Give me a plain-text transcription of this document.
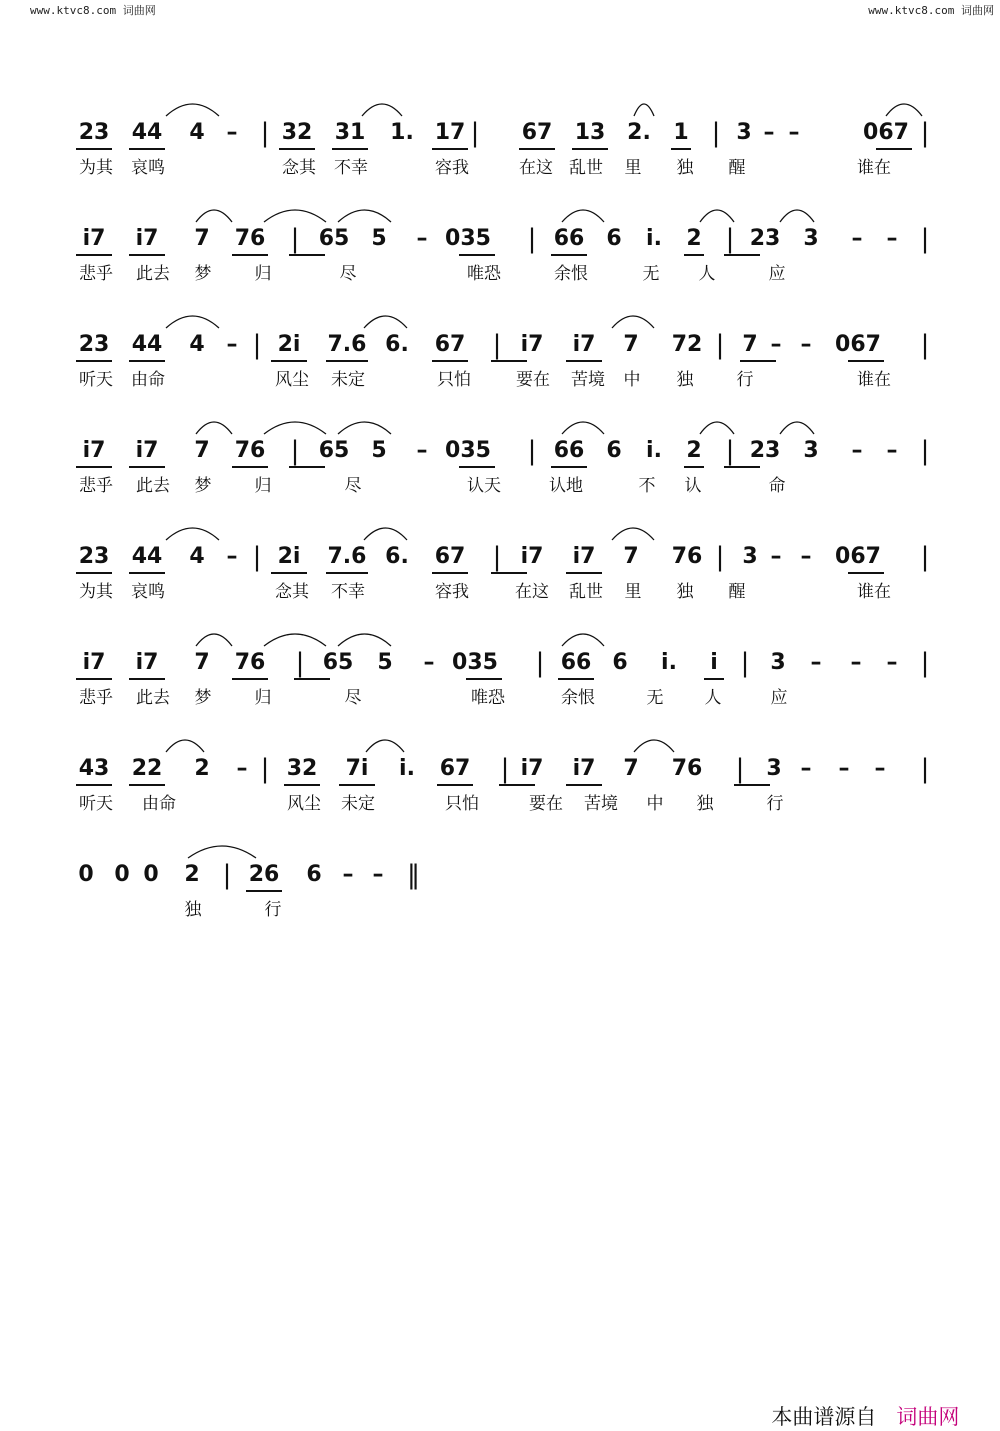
www.ktvc8.com 词曲网	www.ktvc8.com 词曲网
23 44 4 – | 32 31 1. 17 | 67 13 2. 1 | 3 – –	067 |
为其 哀鸣	念其 不幸	容我	在这 乱世 里 独 醒	谁在
i7 i7 7 76 | 65 5 – 035 | 66 6	i.	2 | 23 3 – – |
悲乎 此去 梦	归	尽	唯恐	余恨	无 人	应
23 44 4 – | 2i 7.6 6. 67 | i7 i7 7 72 | 7 – – 067 |
听天 由命	风尘 未定	只怕	要在 苦境 中 独	行	谁在
i7 i7 7 76 | 65 5 – 035 | 66 6	i.	2 | 23 3 – – |
悲乎 此去 梦	归	尽	认天	认地	不 认	命
23 44 4 – | 2i 7.6 6. 67 | i7 i7 7 76 | 3 – – 067 |
为其 哀鸣	念其 不幸	容我	在这 乱世 里 独 醒	谁在
i7 i7 7 76 | 65 5 – 035 | 66 6	i.	i | 3 – – – |
悲乎 此去 梦	归	尽	唯恐	余恨	无 人	应
43 22 2 – | 32 7i	i.	67 | i7 i7 7 76 | 3 – – – |
听天 由命	风尘 未定	只怕	要在 苦境 中 独	行
0 0 0 2 | 26 6 – – ‖
独	行

本曲谱源自 词曲网
